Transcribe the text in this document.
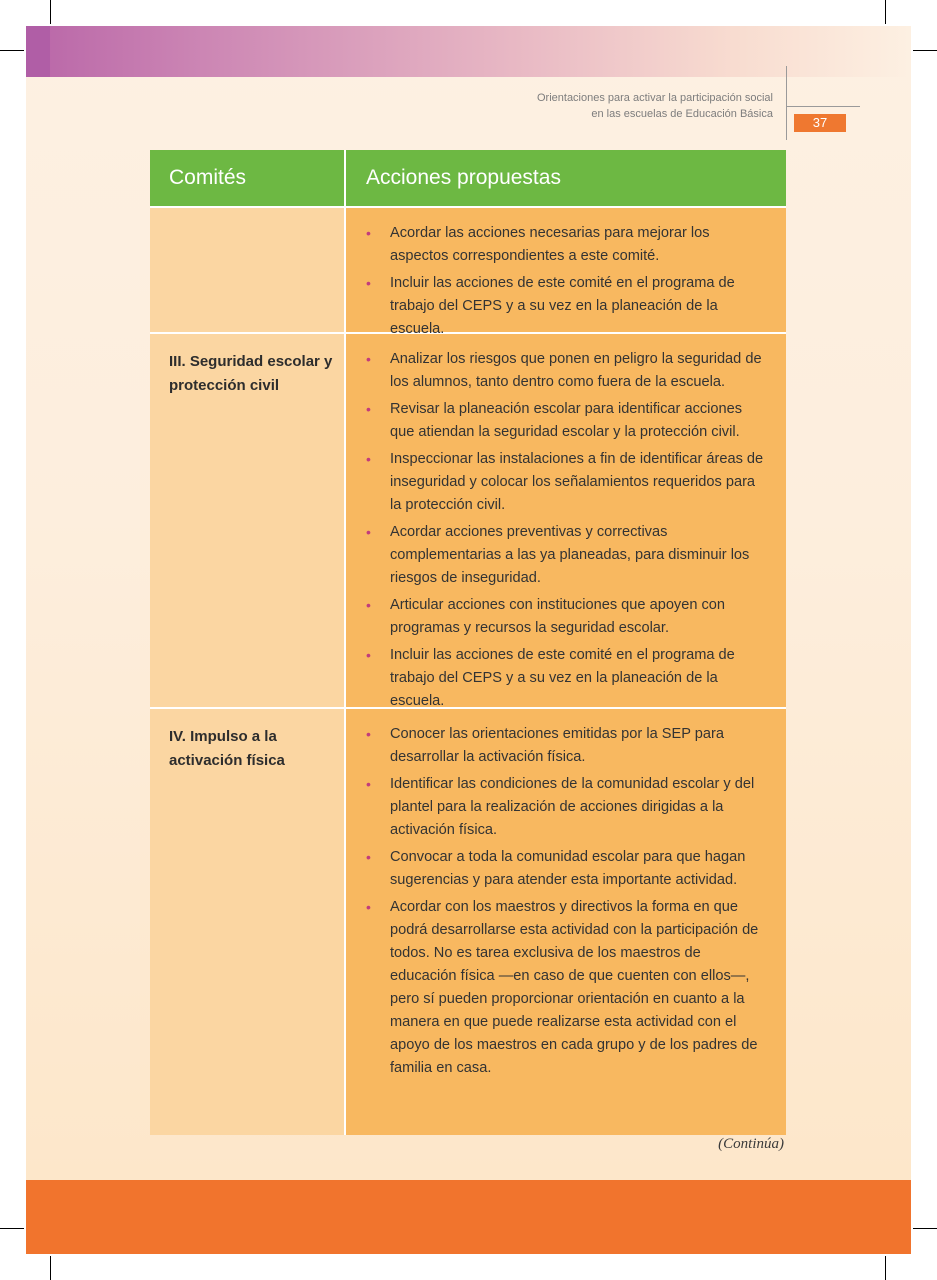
Orientaciones para activar la participación social
en las escuelas de Educación Básica
37
Comités	Acciones propuestas
• Acordar las acciones necesarias para mejorar los aspectos correspondientes a este comité.
• Incluir las acciones de este comité en el programa de trabajo del CEPS y a su vez en la planeación de la escuela.
III. Seguridad escolar y protección civil
• Analizar los riesgos que ponen en peligro la seguridad de los alumnos, tanto dentro como fuera de la escuela.
• Revisar la planeación escolar para identificar acciones que atiendan la seguridad escolar y la protección civil.
• Inspeccionar las instalaciones a fin de identificar áreas de inseguridad y colocar los señalamientos requeridos para la protección civil.
• Acordar acciones preventivas y correctivas complementarias a las ya planeadas, para disminuir los riesgos de inseguridad.
• Articular acciones con instituciones que apoyen con programas y recursos la seguridad escolar.
• Incluir las acciones de este comité en el programa de trabajo del CEPS y a su vez en la planeación de la escuela.
IV. Impulso a la activación física
• Conocer las orientaciones emitidas por la SEP para desarrollar la activación física.
• Identificar las condiciones de la comunidad escolar y del plantel para la realización de acciones dirigidas a la activación física.
• Convocar a toda la comunidad escolar para que hagan sugerencias y para atender esta importante actividad.
• Acordar con los maestros y directivos la forma en que podrá desarrollarse esta actividad con la participación de todos. No es tarea exclusiva de los maestros de educación física —en caso de que cuenten con ellos—, pero sí pueden proporcionar orientación en cuanto a la manera en que puede realizarse esta actividad con el apoyo de los maestros en cada grupo y de los padres de familia en casa.
(Continúa)
